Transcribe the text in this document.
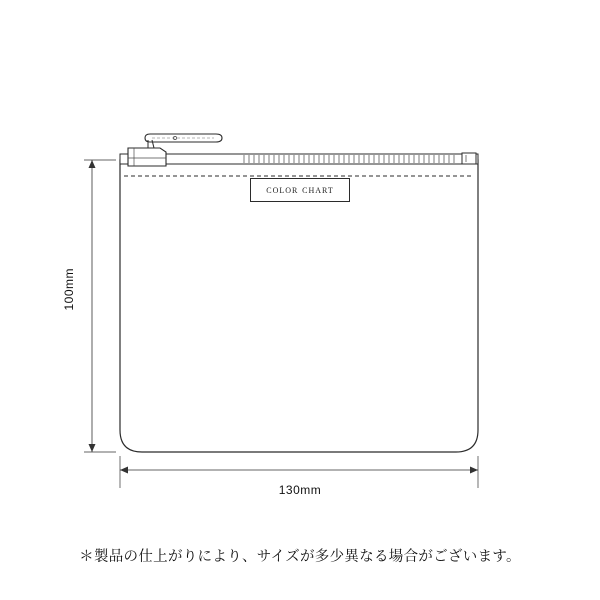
color chart
100mm
130mm
＊製品の仕上がりにより、サイズが多少異なる場合がございます。
